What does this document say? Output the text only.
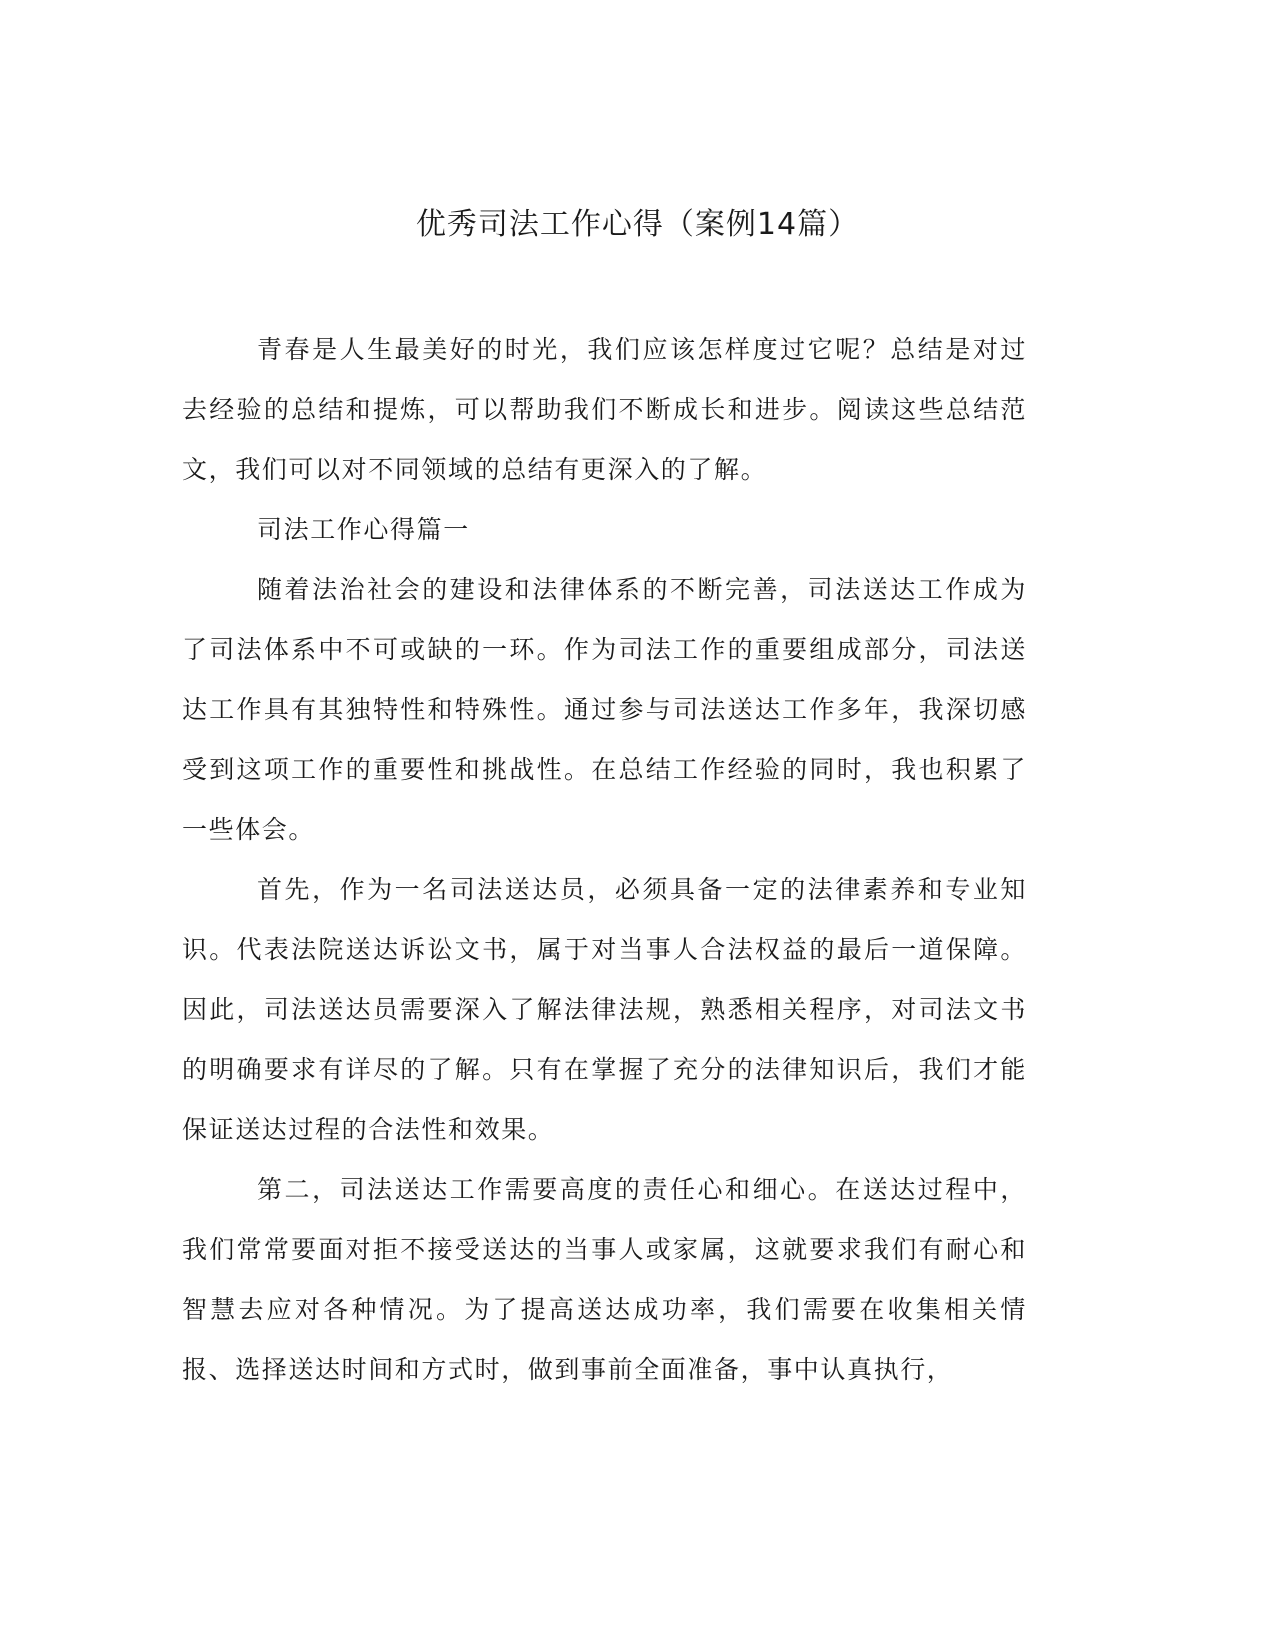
优秀司法工作心得（案例14篇）

青春是人生最美好的时光，我们应该怎样度过它呢？总结是对过去经验的总结和提炼，可以帮助我们不断成长和进步。阅读这些总结范文，我们可以对不同领域的总结有更深入的了解。

司法工作心得篇一

随着法治社会的建设和法律体系的不断完善，司法送达工作成为了司法体系中不可或缺的一环。作为司法工作的重要组成部分，司法送达工作具有其独特性和特殊性。通过参与司法送达工作多年，我深切感受到这项工作的重要性和挑战性。在总结工作经验的同时，我也积累了一些体会。

首先，作为一名司法送达员，必须具备一定的法律素养和专业知识。代表法院送达诉讼文书，属于对当事人合法权益的最后一道保障。因此，司法送达员需要深入了解法律法规，熟悉相关程序，对司法文书的明确要求有详尽的了解。只有在掌握了充分的法律知识后，我们才能保证送达过程的合法性和效果。

第二，司法送达工作需要高度的责任心和细心。在送达过程中，我们常常要面对拒不接受送达的当事人或家属，这就要求我们有耐心和智慧去应对各种情况。为了提高送达成功率，我们需要在收集相关情报、选择送达时间和方式时，做到事前全面准备，事中认真执行，
